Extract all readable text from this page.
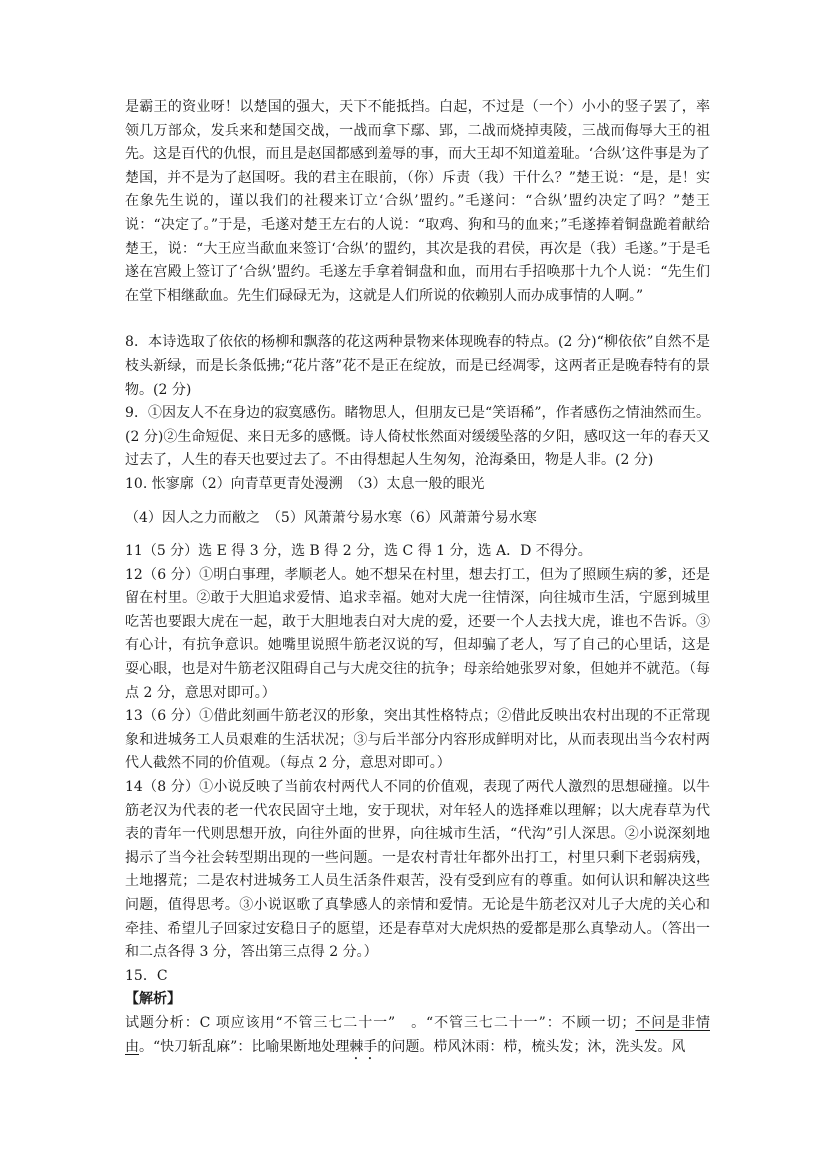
是霸王的资业呀！以楚国的强大，天下不能抵挡。白起，不过是（一个）小小的竖子罢了，率领几万部众，发兵来和楚国交战，一战而拿下鄢、郢，二战而烧掉夷陵，三战而侮辱大王的祖先。这是百代的仇恨，而且是赵国都感到羞辱的事，而大王却不知道羞耻。‘合纵’这件事是为了楚国，并不是为了赵国呀。我的君主在眼前，（你）斥责（我）干什么？”楚王说：“是，是！实在象先生说的，谨以我们的社稷来订立‘合纵’盟约。”毛遂问：“合纵’盟约决定了吗？”楚王说：“决定了。”于是，毛遂对楚王左右的人说：“取鸡、狗和马的血来；”毛遂捧着铜盘跪着献给楚王，说：“大王应当歃血来签订‘合纵’的盟约，其次是我的君侯，再次是（我）毛遂。”于是毛遂在宫殿上签订了‘合纵’盟约。毛遂左手拿着铜盘和血，而用右手招唤那十九个人说：“先生们在堂下相继歃血。先生们碌碌无为，这就是人们所说的依赖别人而办成事情的人啊。”

8．本诗选取了依依的杨柳和飘落的花这两种景物来体现晚春的特点。(2 分)“柳依依”自然不是枝头新绿，而是长条低拂;“花片落”花不是正在绽放，而是已经凋零，这两者正是晚春特有的景物。(2 分)

9．①因友人不在身边的寂寞感伤。睹物思人，但朋友已是“笑语稀”，作者感伤之情油然而生。(2 分)②生命短促、来日无多的感慨。诗人倚杖怅然面对缓缓坠落的夕阳，感叹这一年的春天又过去了，人生的春天也要过去了。不由得想起人生匆匆，沧海桑田，物是人非。(2 分)

10. 怅寥廓（2）向青草更青处漫溯　（3）太息一般的眼光

（4）因人之力而敝之　（5）风萧萧兮易水寒（6）风萧萧兮易水寒

11（5 分）选 E 得 3 分，选 B 得 2 分，选 C 得 1 分，选 A．D 不得分。

12（6 分）①明白事理，孝顺老人。她不想呆在村里，想去打工，但为了照顾生病的爹，还是留在村里。②敢于大胆追求爱情、追求幸福。她对大虎一往情深，向往城市生活，宁愿到城里吃苦也要跟大虎在一起，敢于大胆地表白对大虎的爱，还要一个人去找大虎，谁也不告诉。③有心计，有抗争意识。她嘴里说照牛筋老汉说的写，但却骗了老人，写了自己的心里话，这是耍心眼，也是对牛筋老汉阻碍自己与大虎交往的抗争；母亲给她张罗对象，但她并不就范。（每点 2 分，意思对即可。）

13（6 分）①借此刻画牛筋老汉的形象，突出其性格特点；②借此反映出农村出现的不正常现象和进城务工人员艰难的生活状况；③与后半部分内容形成鲜明对比，从而表现出当今农村两代人截然不同的价值观。（每点 2 分，意思对即可。）

14（8 分）①小说反映了当前农村两代人不同的价值观，表现了两代人激烈的思想碰撞。以牛筋老汉为代表的老一代农民固守土地，安于现状，对年轻人的选择难以理解；以大虎春草为代表的青年一代则思想开放，向往外面的世界，向往城市生活，“代沟”引人深思。②小说深刻地揭示了当今社会转型期出现的一些问题。一是农村青壮年都外出打工，村里只剩下老弱病残，土地撂荒；二是农村进城务工人员生活条件艰苦，没有受到应有的尊重。如何认识和解决这些问题，值得思考。③小说讴歌了真挚感人的亲情和爱情。无论是牛筋老汉对儿子大虎的关心和牵挂、希望儿子回家过安稳日子的愿望，还是春草对大虎炽热的爱都是那么真挚动人。（答出一和二点各得 3 分，答出第三点得 2 分。）

15．C

【解析】

试题分析：C 项应该用“不管三七二十一”　。“不管三七二十一”：不顾一切；不问是非情由。“快刀斩乱麻”：比喻果断地处理棘手的问题。栉风沐雨：栉，梳头发；沐，洗头发。风
